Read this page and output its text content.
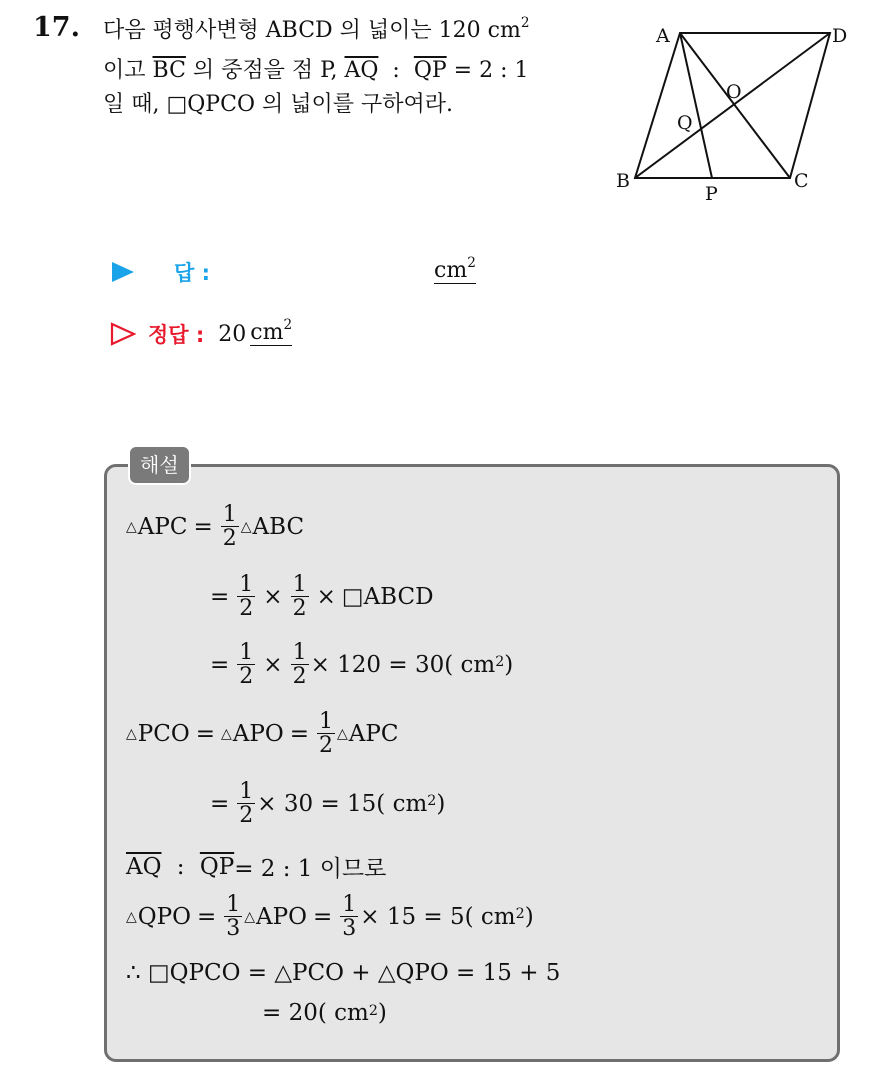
17. 다음 평행사변형 ABCD 의 넓이는 120 $cm^2$
이고 $\overline{BC}$ 의 중점을 점 P, $\overline{AQ}$  :  $\overline{QP} = 2$ : 1
일 때, □QPCO 의 넓이를 구하여라.
A	D
B	C
P
O
Q
답 :	$cm^2$
정답 : 20 $cm^2$
해설
△ APC = $\frac{1}{2}$ △ ABC
= $\frac{1}{2} \times \frac{1}{2}$ × □ABCD
= $\frac{1}{2} \times \frac{1}{2} \times 120 = 30$( cm )
△ PCO = △ APO = $\frac{1}{2}$ △ APC
= $\frac{1}{2} \times 30 = 15$( cm )
$\overline{AQ}$ : $\overline{QP} = 2$ : 1 이므로
△ QPO = $\frac{1}{3}$ △ APO = $\frac{1}{3} \times 15 = 5$( cm )
∴ □QPCO = △PCO + △QPO = 15 + 5
= 20( cm )
